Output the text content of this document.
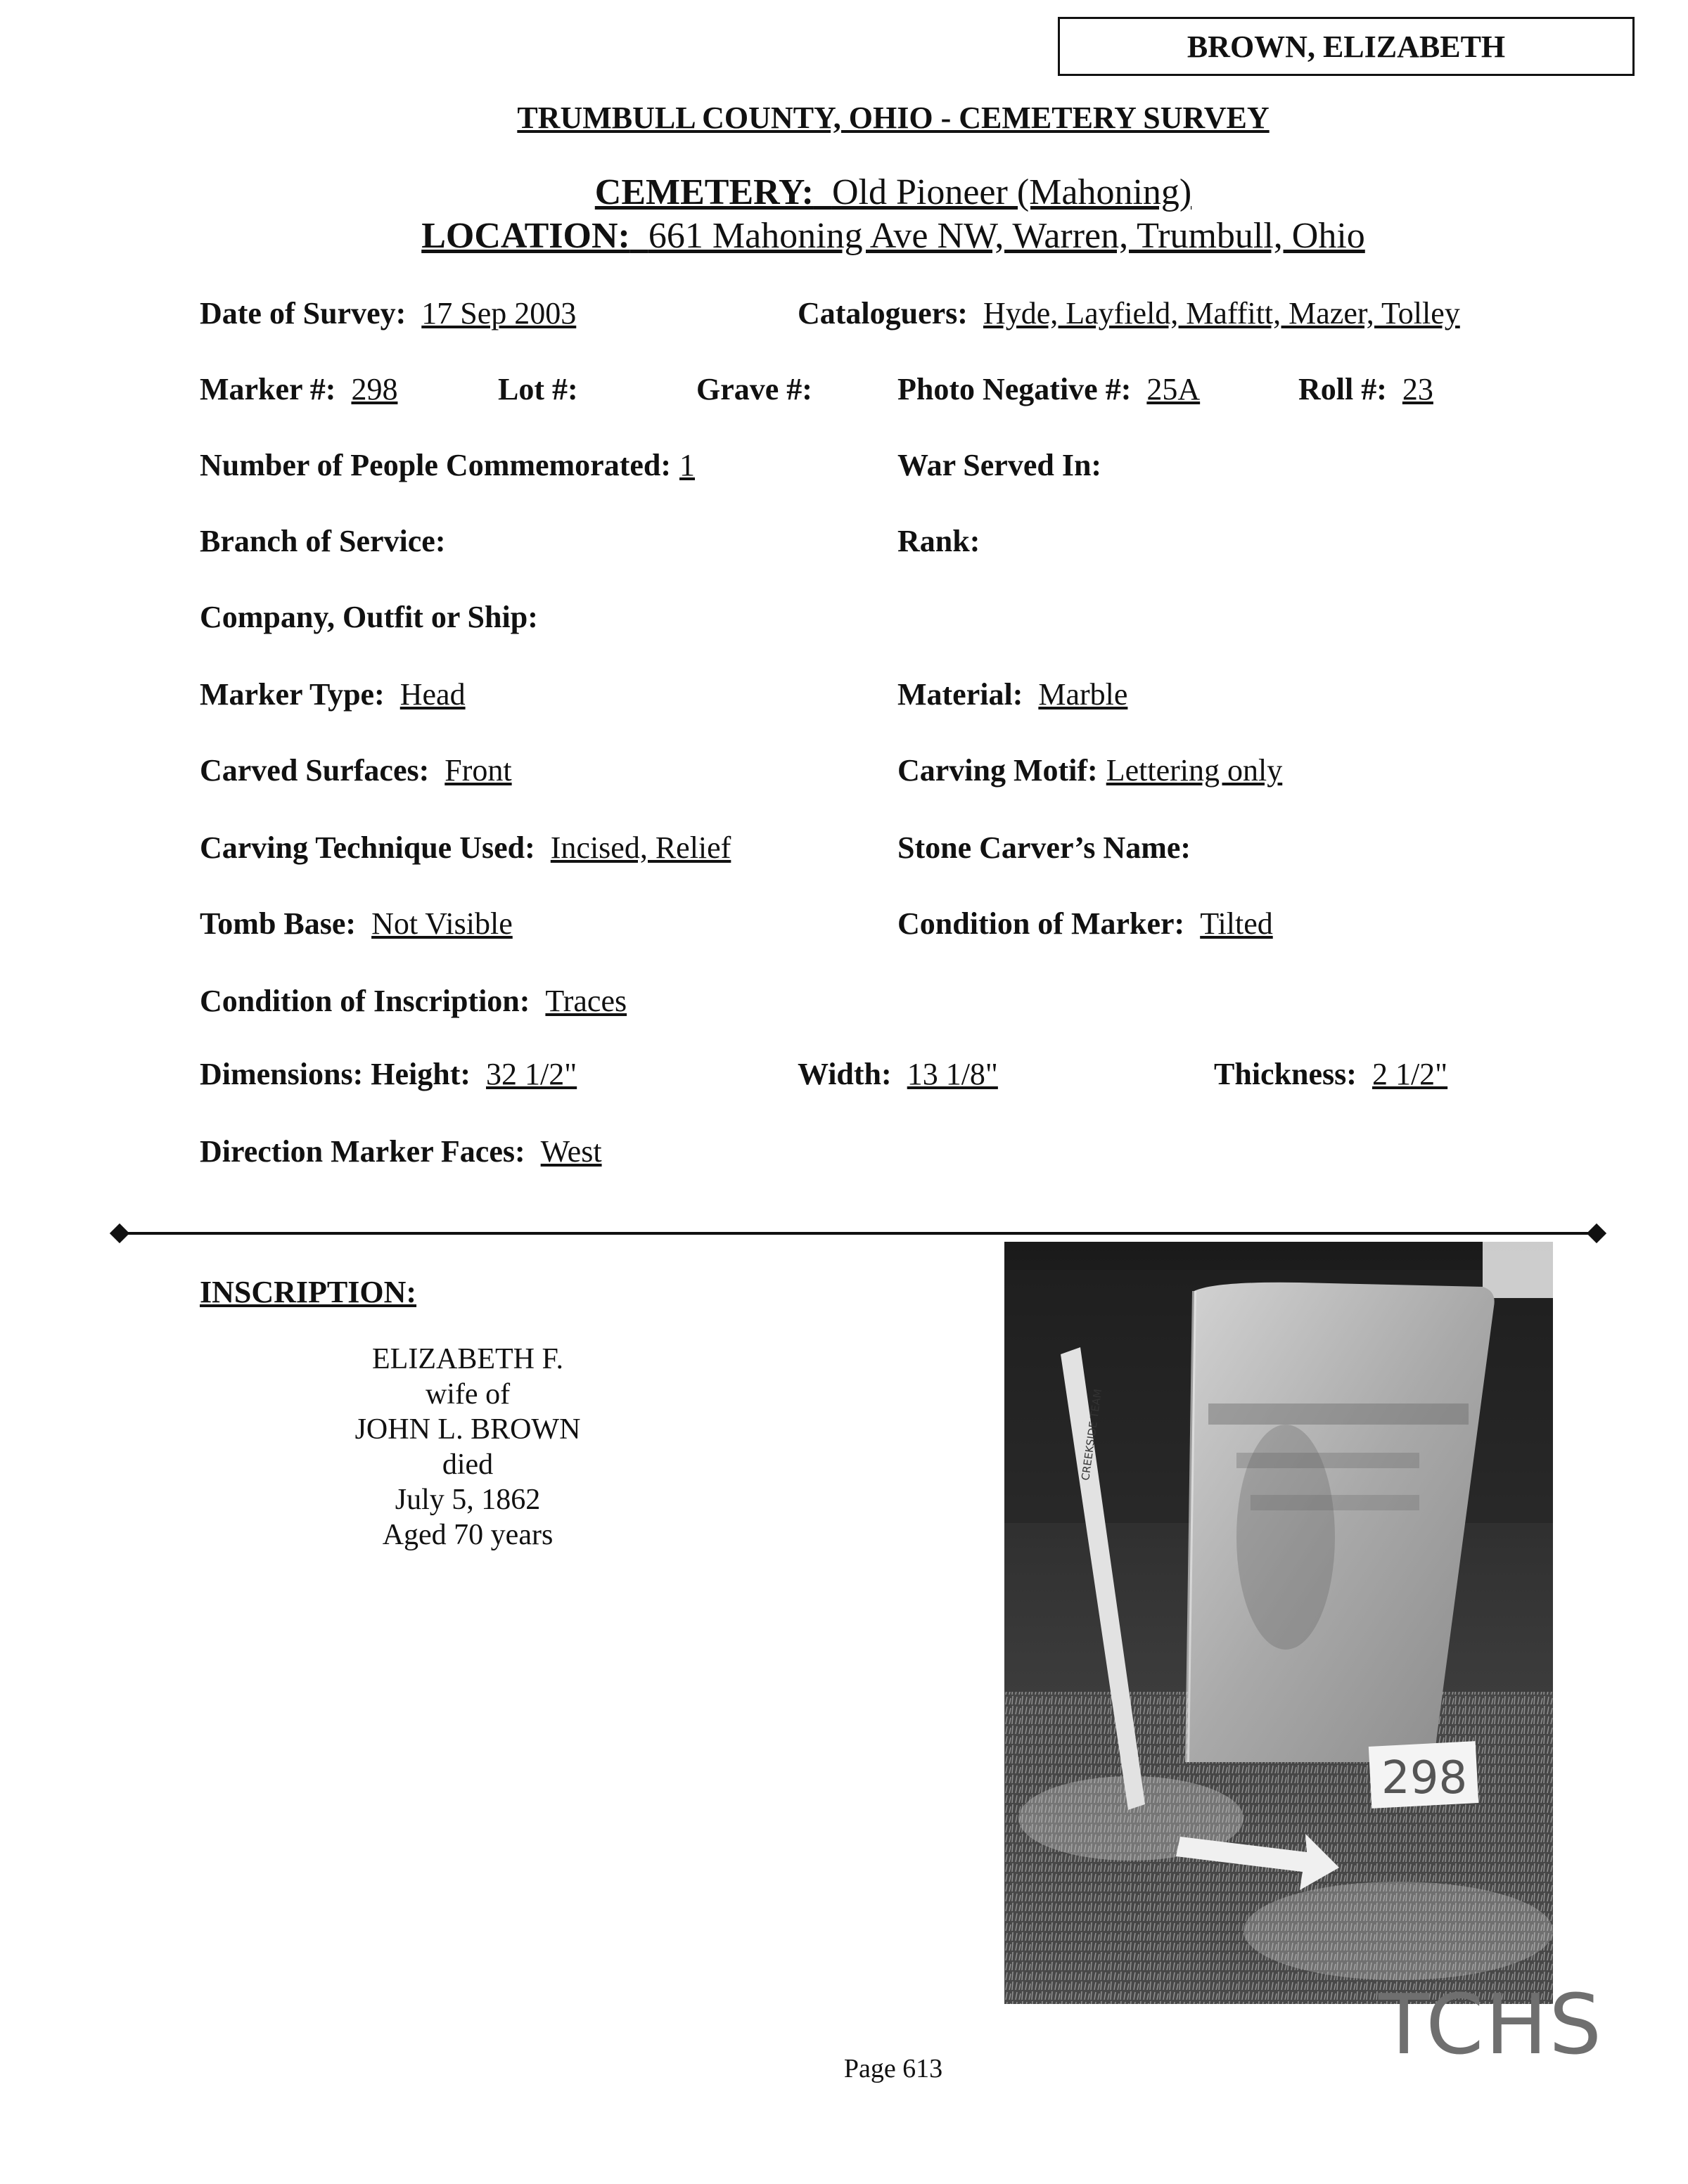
BROWN, ELIZABETH
TRUMBULL COUNTY, OHIO - CEMETERY SURVEY
CEMETERY: Old Pioneer (Mahoning)
LOCATION: 661 Mahoning Ave NW, Warren, Trumbull, Ohio
Date of Survey: 17 Sep 2003	Cataloguers: Hyde, Layfield, Maffitt, Mazer, Tolley
Marker #: 298	Lot #:	Grave #:	Photo Negative #: 25A	Roll #: 23
Number of People Commemorated: 1	War Served In:
Branch of Service:	Rank:
Company, Outfit or Ship:
Marker Type: Head	Material: Marble
Carved Surfaces: Front	Carving Motif: Lettering only
Carving Technique Used: Incised, Relief	Stone Carver’s Name:
Tomb Base: Not Visible	Condition of Marker: Tilted
Condition of Inscription: Traces
Dimensions: Height: 32 1/2"	Width: 13 1/8"	Thickness: 2 1/2"
Direction Marker Faces: West
INSCRIPTION:
ELIZABETH F.
wife of
JOHN L. BROWN
died
July 5, 1862
Aged 70 years
CREEKSIDE TEAM
298
TCHS
Page 613
